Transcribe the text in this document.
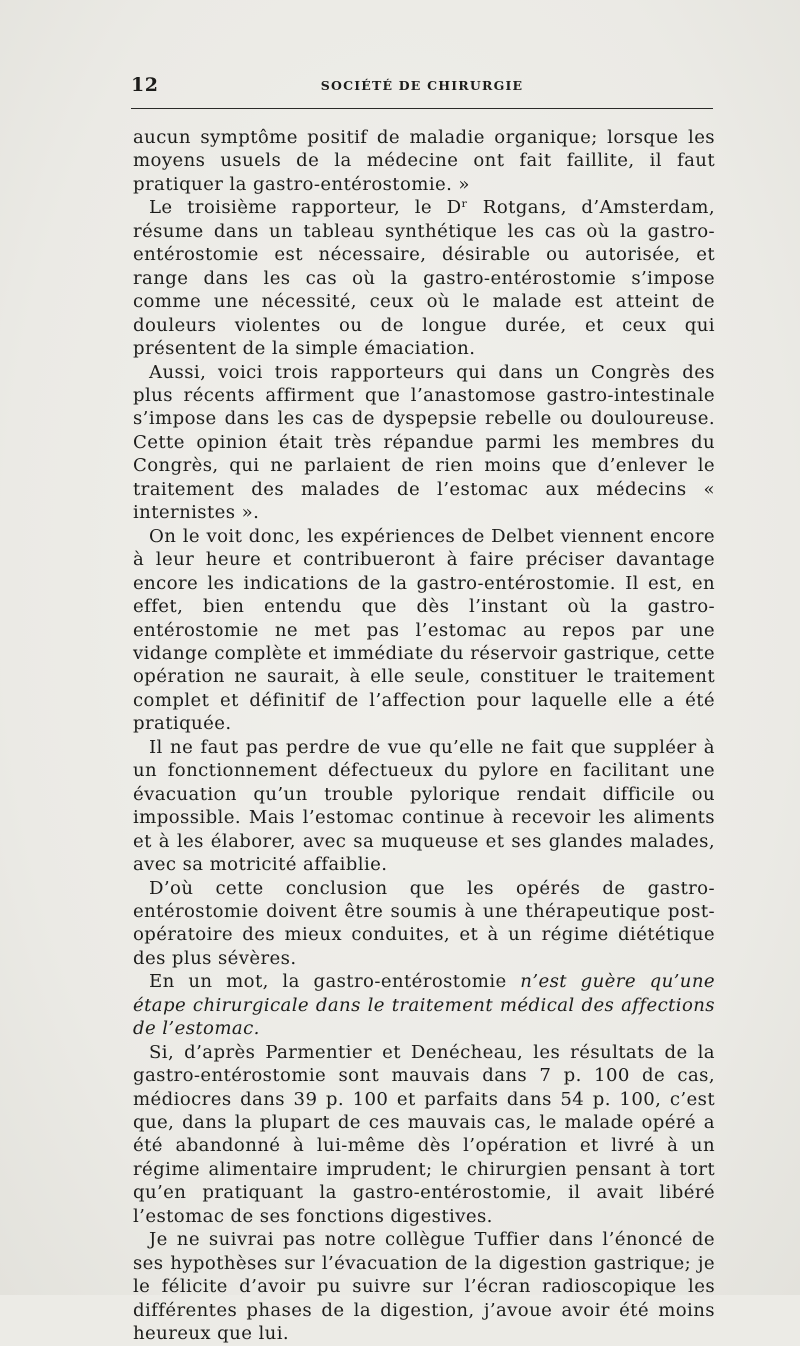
12	SOCIÉTÉ DE CHIRURGIE

aucun symptôme positif de maladie organique; lorsque les moyens usuels de la médecine ont fait faillite, il faut pratiquer la gastro-entérostomie. »

Le troisième rapporteur, le Dʳ Rotgans, d’Amsterdam, résume dans un tableau synthétique les cas où la gastro-entérostomie est nécessaire, désirable ou autorisée, et range dans les cas où la gastro-entérostomie s’impose comme une nécessité, ceux où le malade est atteint de douleurs violentes ou de longue durée, et ceux qui présentent de la simple émaciation.

Aussi, voici trois rapporteurs qui dans un Congrès des plus récents affirment que l’anastomose gastro-intestinale s’impose dans les cas de dyspepsie rebelle ou douloureuse. Cette opinion était très répandue parmi les membres du Congrès, qui ne parlaient de rien moins que d’enlever le traitement des malades de l’estomac aux médecins « internistes ».

On le voit donc, les expériences de Delbet viennent encore à leur heure et contribueront à faire préciser davantage encore les indications de la gastro-entérostomie. Il est, en effet, bien entendu que dès l’instant où la gastro-entérostomie ne met pas l’estomac au repos par une vidange complète et immédiate du réservoir gastrique, cette opération ne saurait, à elle seule, constituer le traitement complet et définitif de l’affection pour laquelle elle a été pratiquée.

Il ne faut pas perdre de vue qu’elle ne fait que suppléer à un fonctionnement défectueux du pylore en facilitant une évacuation qu’un trouble pylorique rendait difficile ou impossible. Mais l’estomac continue à recevoir les aliments et à les élaborer, avec sa muqueuse et ses glandes malades, avec sa motricité affaiblie.

D’où cette conclusion que les opérés de gastro-entérostomie doivent être soumis à une thérapeutique post-opératoire des mieux conduites, et à un régime diététique des plus sévères.

En un mot, la gastro-entérostomie n’est guère qu’une étape chirurgicale dans le traitement médical des affections de l’estomac.

Si, d’après Parmentier et Denécheau, les résultats de la gastro-entérostomie sont mauvais dans 7 p. 100 de cas, médiocres dans 39 p. 100 et parfaits dans 54 p. 100, c’est que, dans la plupart de ces mauvais cas, le malade opéré a été abandonné à lui-même dès l’opération et livré à un régime alimentaire imprudent; le chirurgien pensant à tort qu’en pratiquant la gastro-entérostomie, il avait libéré l’estomac de ses fonctions digestives.

Je ne suivrai pas notre collègue Tuffier dans l’énoncé de ses hypothèses sur l’évacuation de la digestion gastrique; je le félicite d’avoir pu suivre sur l’écran radioscopique les différentes phases de la digestion, j’avoue avoir été moins heureux que lui.
